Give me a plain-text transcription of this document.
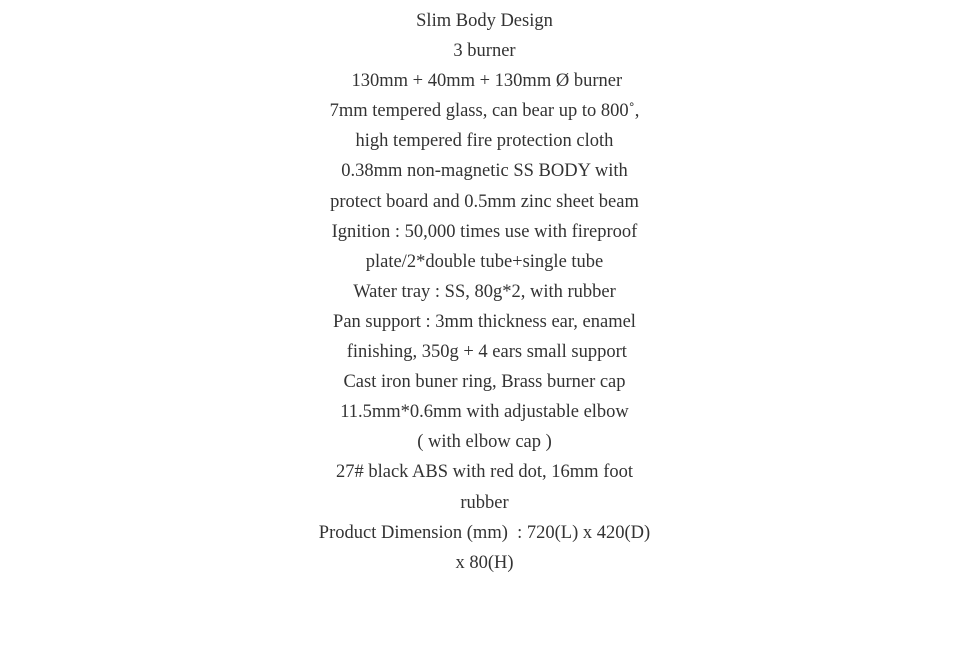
Slim Body Design
3 burner
130mm + 40mm + 130mm Ø burner
7mm tempered glass, can bear up to 800˚,
high tempered fire protection cloth
0.38mm non-magnetic SS BODY with
protect board and 0.5mm zinc sheet beam
Ignition : 50,000 times use with fireproof
plate/2*double tube+single tube
Water tray : SS, 80g*2, with rubber
Pan support : 3mm thickness ear, enamel
finishing, 350g + 4 ears small support
Cast iron buner ring, Brass burner cap
11.5mm*0.6mm with adjustable elbow
( with elbow cap )
27# black ABS with red dot, 16mm foot
rubber
Product Dimension (mm)  : 720(L) x 420(D)
x 80(H)
